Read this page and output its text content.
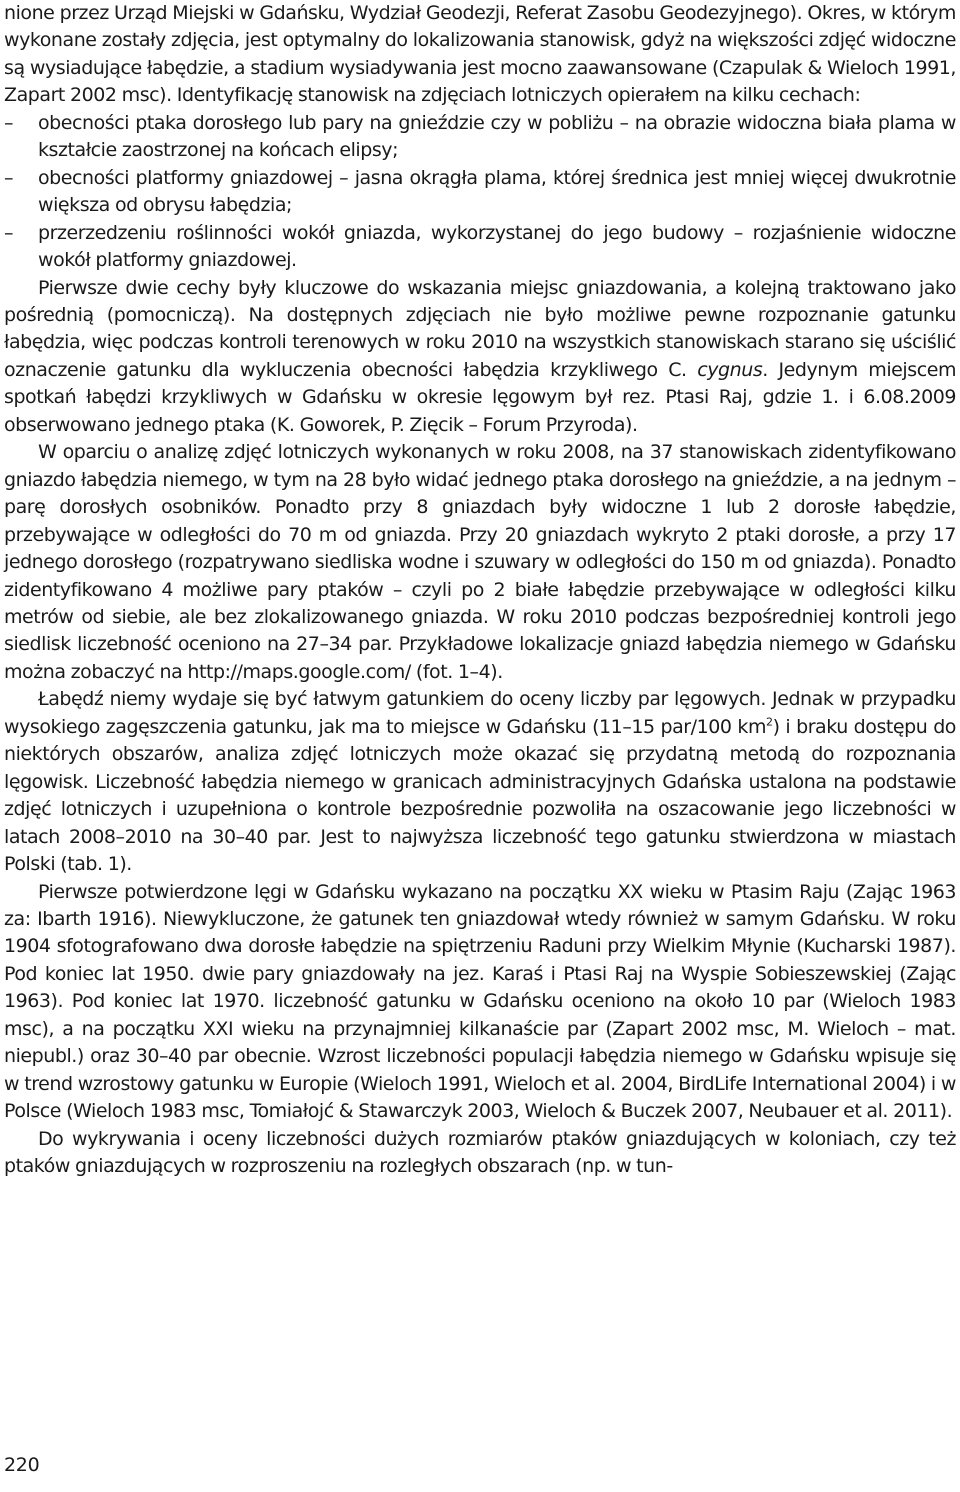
nione przez Urząd Miejski w Gdańsku, Wydział Geodezji, Referat Zasobu Geodezyjnego). Okres, w którym wykonane zostały zdjęcia, jest optymalny do lokalizowania stanowisk, gdyż na większości zdjęć widoczne są wysiadujące łabędzie, a stadium wysiadywania jest mocno zaawansowane (Czapulak & Wieloch 1991, Zapart 2002 msc). Identyfikację stanowisk na zdjęciach lotniczych opierałem na kilku cechach:

– obecności ptaka dorosłego lub pary na gnieździe czy w pobliżu – na obrazie widoczna biała plama w kształcie zaostrzonej na końcach elipsy;
– obecności platformy gniazdowej – jasna okrągła plama, której średnica jest mniej więcej dwukrotnie większa od obrysu łabędzia;
– przerzedzeniu roślinności wokół gniazda, wykorzystanej do jego budowy – rozjaśnienie widoczne wokół platformy gniazdowej.

Pierwsze dwie cechy były kluczowe do wskazania miejsc gniazdowania, a kolejną traktowano jako pośrednią (pomocniczą). Na dostępnych zdjęciach nie było możliwe pewne rozpoznanie gatunku łabędzia, więc podczas kontroli terenowych w roku 2010 na wszystkich stanowiskach starano się uściślić oznaczenie gatunku dla wykluczenia obecności łabędzia krzykliwego C. cygnus. Jedynym miejscem spotkań łabędzi krzykliwych w Gdańsku w okresie lęgowym był rez. Ptasi Raj, gdzie 1. i 6.08.2009 obserwowano jednego ptaka (K. Goworek, P. Zięcik – Forum Przyroda).

W oparciu o analizę zdjęć lotniczych wykonanych w roku 2008, na 37 stanowiskach zidentyfikowano gniazdo łabędzia niemego, w tym na 28 było widać jednego ptaka dorosłego na gnieździe, a na jednym – parę dorosłych osobników. Ponadto przy 8 gniazdach były widoczne 1 lub 2 dorosłe łabędzie, przebywające w odległości do 70 m od gniazda. Przy 20 gniazdach wykryto 2 ptaki dorosłe, a przy 17 jednego dorosłego (rozpatrywano siedliska wodne i szuwary w odległości do 150 m od gniazda). Ponadto zidentyfikowano 4 możliwe pary ptaków – czyli po 2 białe łabędzie przebywające w odległości kilku metrów od siebie, ale bez zlokalizowanego gniazda. W roku 2010 podczas bezpośredniej kontroli jego siedlisk liczebność oceniono na 27–34 par. Przykładowe lokalizacje gniazd łabędzia niemego w Gdańsku można zobaczyć na http://maps.google.com/ (fot. 1–4).

Łabędź niemy wydaje się być łatwym gatunkiem do oceny liczby par lęgowych. Jednak w przypadku wysokiego zagęszczenia gatunku, jak ma to miejsce w Gdańsku (11–15 par/100 $km^2$) i braku dostępu do niektórych obszarów, analiza zdjęć lotniczych może okazać się przydatną metodą do rozpoznania lęgowisk. Liczebność łabędzia niemego w granicach administracyjnych Gdańska ustalona na podstawie zdjęć lotniczych i uzupełniona o kontrole bezpośrednie pozwoliła na oszacowanie jego liczebności w latach 2008–2010 na 30–40 par. Jest to najwyższa liczebność tego gatunku stwierdzona w miastach Polski (tab. 1).

Pierwsze potwierdzone lęgi w Gdańsku wykazano na początku XX wieku w Ptasim Raju (Zając 1963 za: Ibarth 1916). Niewykluczone, że gatunek ten gniazdował wtedy również w samym Gdańsku. W roku 1904 sfotografowano dwa dorosłe łabędzie na spiętrzeniu Raduni przy Wielkim Młynie (Kucharski 1987). Pod koniec lat 1950. dwie pary gniazdowały na jez. Karaś i Ptasi Raj na Wyspie Sobieszewskiej (Zając 1963). Pod koniec lat 1970. liczebność gatunku w Gdańsku oceniono na około 10 par (Wieloch 1983 msc), a na początku XXI wieku na przynajmniej kilkanaście par (Zapart 2002 msc, M. Wieloch – mat. niepubl.) oraz 30–40 par obecnie. Wzrost liczebności populacji łabędzia niemego w Gdańsku wpisuje się w trend wzrostowy gatunku w Europie (Wieloch 1991, Wieloch et al. 2004, BirdLife International 2004) i w Polsce (Wieloch 1983 msc, Tomiałojć & Stawarczyk 2003, Wieloch & Buczek 2007, Neubauer et al. 2011).

Do wykrywania i oceny liczebności dużych rozmiarów ptaków gniazdujących w koloniach, czy też ptaków gniazdujących w rozproszeniu na rozległych obszarach (np. w tun-

220
